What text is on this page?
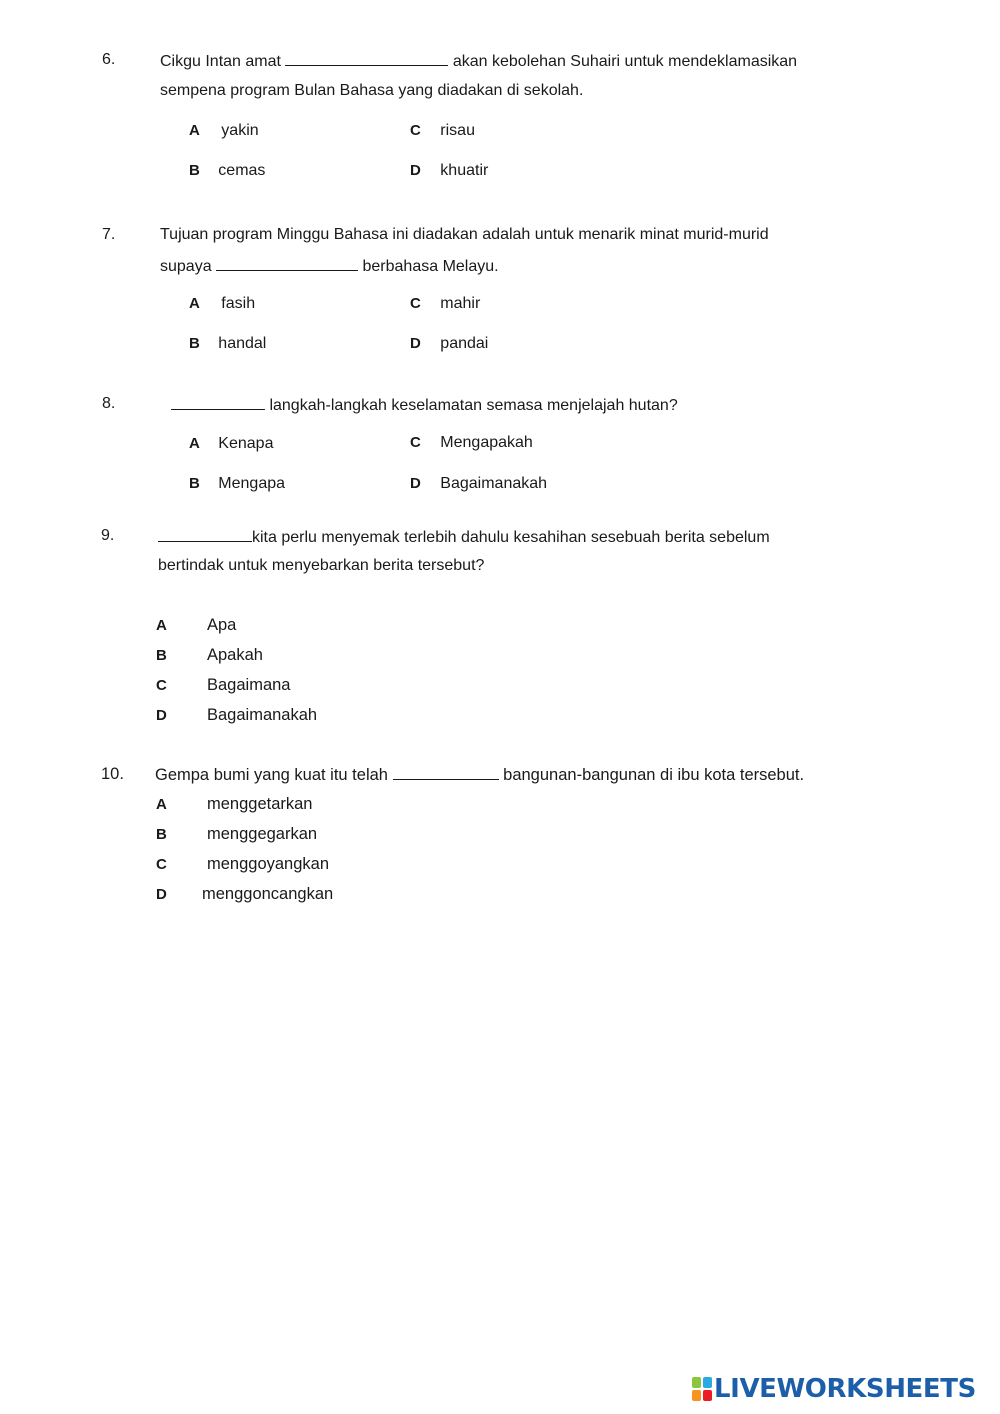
6.	Cikgu Intan amat	akan kebolehan Suhairi untuk mendeklamasikan
sempena program Bulan Bahasa yang diadakan di sekolah.
A yakin	C risau
B cemas	D khuatir
7.	Tujuan program Minggu Bahasa ini diadakan adalah untuk menarik minat murid-murid
supaya	berbahasa Melayu.
A fasih	C mahir
B handal	D pandai
8.	langkah-langkah keselamatan semasa menjelajah hutan?
A Kenapa	C Mengapakah
B Mengapa	D Bagaimanakah
9.	kita perlu menyemak terlebih dahulu kesahihan sesebuah berita sebelum
bertindak untuk menyebarkan berita tersebut?
A Apa
B Apakah
C Bagaimana
D Bagaimanakah
10. Gempa bumi yang kuat itu telah	bangunan-bangunan di ibu kota tersebut.
A menggetarkan
B menggegarkan
C menggoyangkan
D menggoncangkan
LIVEWORKSHEETS
